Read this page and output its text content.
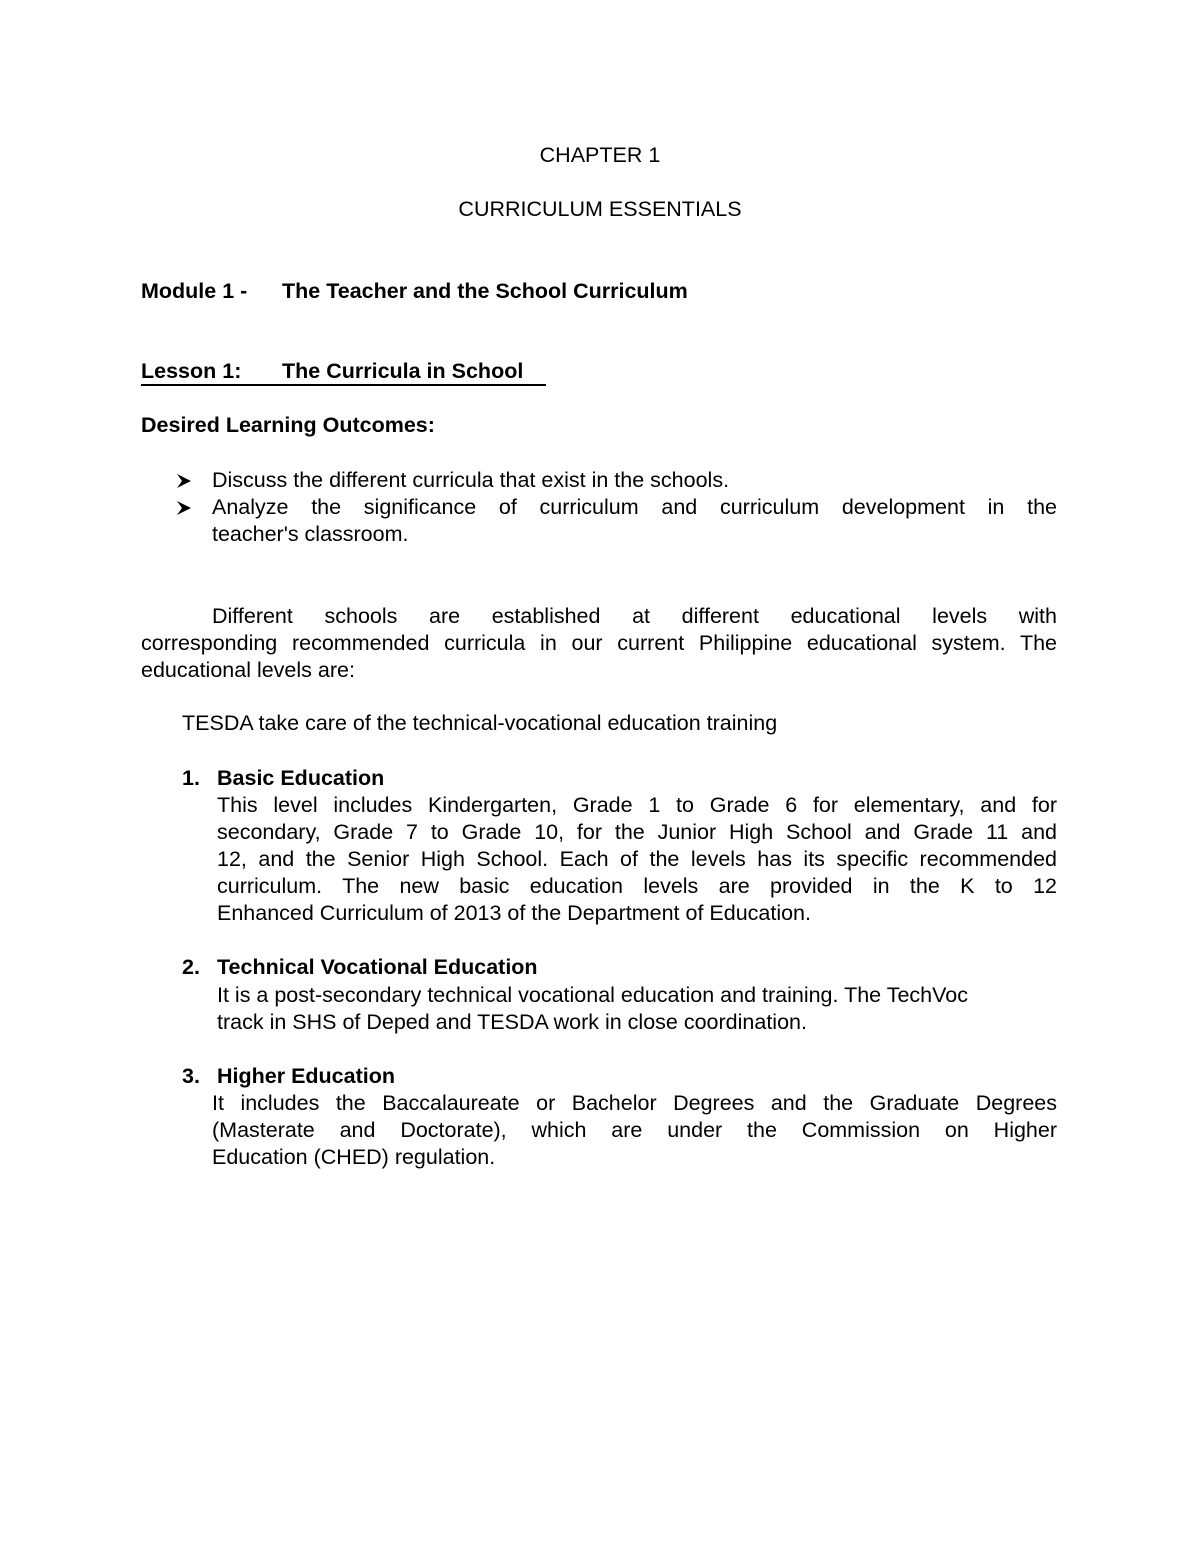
CHAPTER 1
CURRICULUM ESSENTIALS
Module 1 - The Teacher and the School Curriculum
Lesson 1: The Curricula in School
Desired Learning Outcomes:
Discuss the different curricula that exist in the schools.
Analyze the significance of curriculum and curriculum development in the
teacher's classroom.
Different schools are established at different educational levels with
corresponding recommended curricula in our current Philippine educational system. The
educational levels are:
TESDA take care of the technical-vocational education training
1. Basic Education
This level includes Kindergarten, Grade 1 to Grade 6 for elementary, and for
secondary, Grade 7 to Grade 10, for the Junior High School and Grade 11 and
12, and the Senior High School. Each of the levels has its specific recommended
curriculum. The new basic education levels are provided in the K to 12
Enhanced Curriculum of 2013 of the Department of Education.
2. Technical Vocational Education
It is a post-secondary technical vocational education and training. The TechVoc
track in SHS of Deped and TESDA work in close coordination.
3. Higher Education
It includes the Baccalaureate or Bachelor Degrees and the Graduate Degrees
(Masterate and Doctorate), which are under the Commission on Higher
Education (CHED) regulation.
